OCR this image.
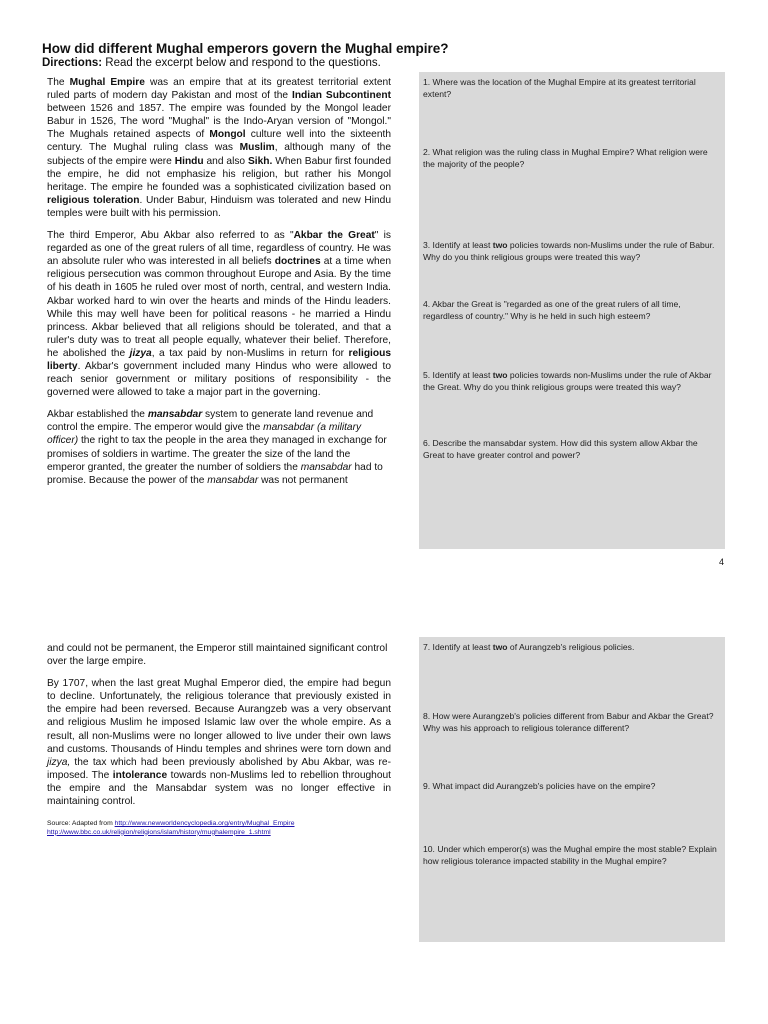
How did different Mughal emperors govern the Mughal empire?

Directions: Read the excerpt below and respond to the questions.

The Mughal Empire was an empire that at its greatest territorial extent ruled parts of modern day Pakistan and most of the Indian Subcontinent between 1526 and 1857. The empire was founded by the Mongol leader Babur in 1526, The word "Mughal" is the Indo-Aryan version of "Mongol." The Mughals retained aspects of Mongol culture well into the sixteenth century. The Mughal ruling class was Muslim, although many of the subjects of the empire were Hindu and also Sikh. When Babur first founded the empire, he did not emphasize his religion, but rather his Mongol heritage. The empire he founded was a sophisticated civilization based on religious toleration. Under Babur, Hinduism was tolerated and new Hindu temples were built with his permission.

The third Emperor, Abu Akbar also referred to as "Akbar the Great" is regarded as one of the great rulers of all time, regardless of country. He was an absolute ruler who was interested in all beliefs doctrines at a time when religious persecution was common throughout Europe and Asia. By the time of his death in 1605 he ruled over most of north, central, and western India. Akbar worked hard to win over the hearts and minds of the Hindu leaders. While this may well have been for political reasons - he married a Hindu princess. Akbar believed that all religions should be tolerated, and that a ruler's duty was to treat all people equally, whatever their belief. Therefore, he abolished the jizya, a tax paid by non-Muslims in return for religious liberty. Akbar's government included many Hindus who were allowed to reach senior government or military positions of responsibility - the governed were allowed to take a major part in the governing.

Akbar established the mansabdar system to generate land revenue and control the empire. The emperor would give the mansabdar (a military officer) the right to tax the people in the area they managed in exchange for promises of soldiers in wartime. The greater the size of the land the emperor granted, the greater the number of soldiers the mansabdar had to promise. Because the power of the mansabdar was not permanent

1. Where was the location of the Mughal Empire at its greatest territorial extent?

2. What religion was the ruling class in Mughal Empire? What religion were the majority of the people?

3. Identify at least two policies towards non-Muslims under the rule of Babur. Why do you think religious groups were treated this way?

4. Akbar the Great is "regarded as one of the great rulers of all time, regardless of country." Why is he held in such high esteem?

5. Identify at least two policies towards non-Muslims under the rule of Akbar the Great. Why do you think religious groups were treated this way?

6. Describe the mansabdar system. How did this system allow Akbar the Great to have greater control and power?

4

and could not be permanent, the Emperor still maintained significant control over the large empire.

By 1707, when the last great Mughal Emperor died, the empire had begun to decline. Unfortunately, the religious tolerance that previously existed in the empire had been reversed. Because Aurangzeb was a very observant and religious Muslim he imposed Islamic law over the whole empire. As a result, all non-Muslims were no longer allowed to live under their own laws and customs. Thousands of Hindu temples and shrines were torn down and jizya, the tax which had been previously abolished by Abu Akbar, was re-imposed. The intolerance towards non-Muslims led to rebellion throughout the empire and the Mansabdar system was no longer effective in maintaining control.

Source: Adapted from http://www.newworldencyclopedia.org/entry/Mughal_Empire
http://www.bbc.co.uk/religion/religions/islam/history/mughalempire_1.shtml

7. Identify at least two of Aurangzeb's religious policies.

8. How were Aurangzeb's policies different from Babur and Akbar the Great? Why was his approach to religious tolerance different?

9. What impact did Aurangzeb's policies have on the empire?

10. Under which emperor(s) was the Mughal empire the most stable? Explain how religious tolerance impacted stability in the Mughal empire?
